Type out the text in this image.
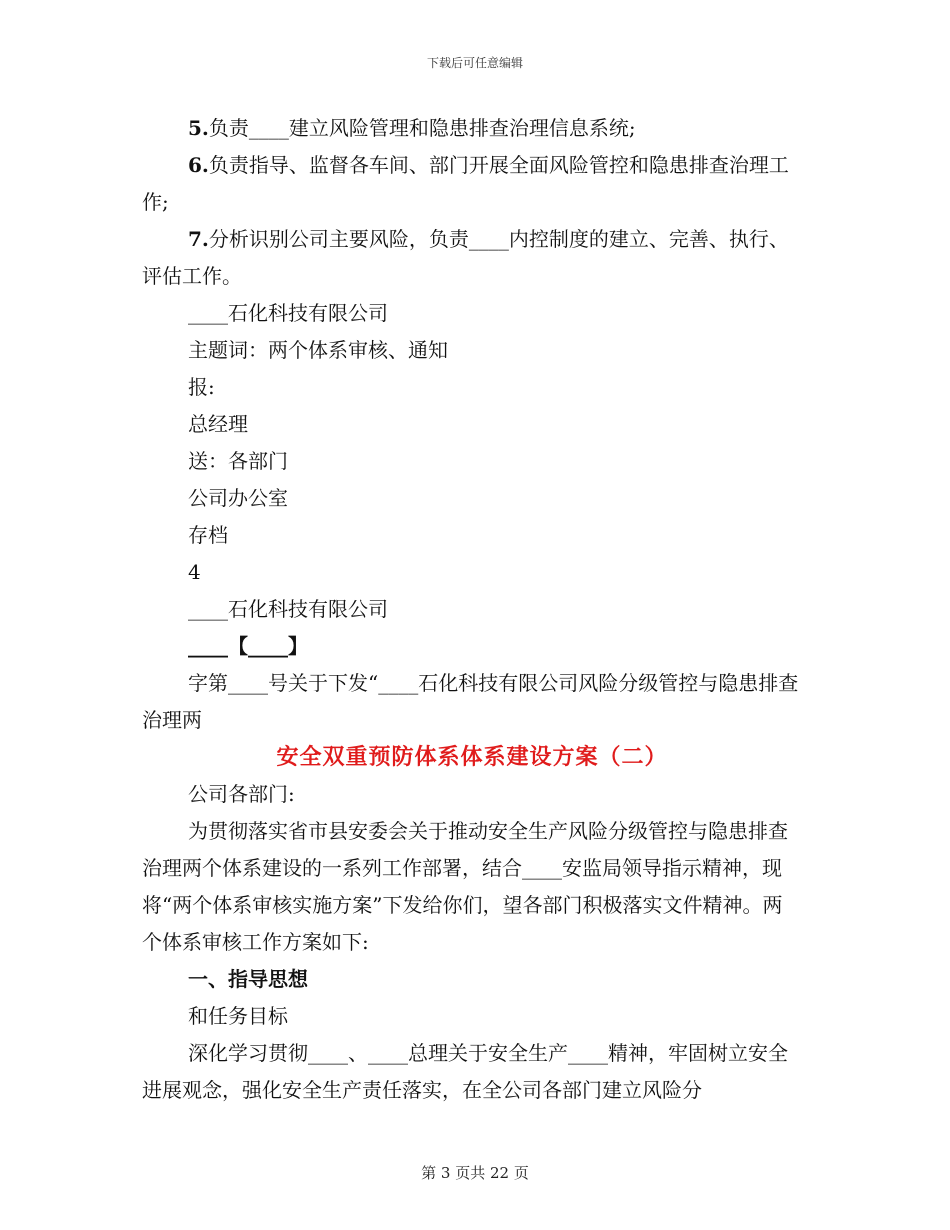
下载后可任意编辑

5.负责____建立风险管理和隐患排查治理信息系统;

6.负责指导、监督各车间、部门开展全面风险管控和隐患排查治理工作;

7.分析识别公司主要风险，负责____内控制度的建立、完善、执行、评估工作。

____石化科技有限公司

主题词：两个体系审核、通知

报:

总经理

送：各部门

公司办公室

存档

4

____石化科技有限公司

____【____】

字第____号关于下发“____石化科技有限公司风险分级管控与隐患排查治理两

安全双重预防体系体系建设方案（二）

公司各部门:

为贯彻落实省市县安委会关于推动安全生产风险分级管控与隐患排查治理两个体系建设的一系列工作部署，结合____安监局领导指示精神，现将“两个体系审核实施方案”下发给你们，望各部门积极落实文件精神。两个体系审核工作方案如下:

一、指导思想

和任务目标

深化学习贯彻____、____总理关于安全生产____精神，牢固树立安全进展观念，强化安全生产责任落实，在全公司各部门建立风险分

第 3 页共 22 页
